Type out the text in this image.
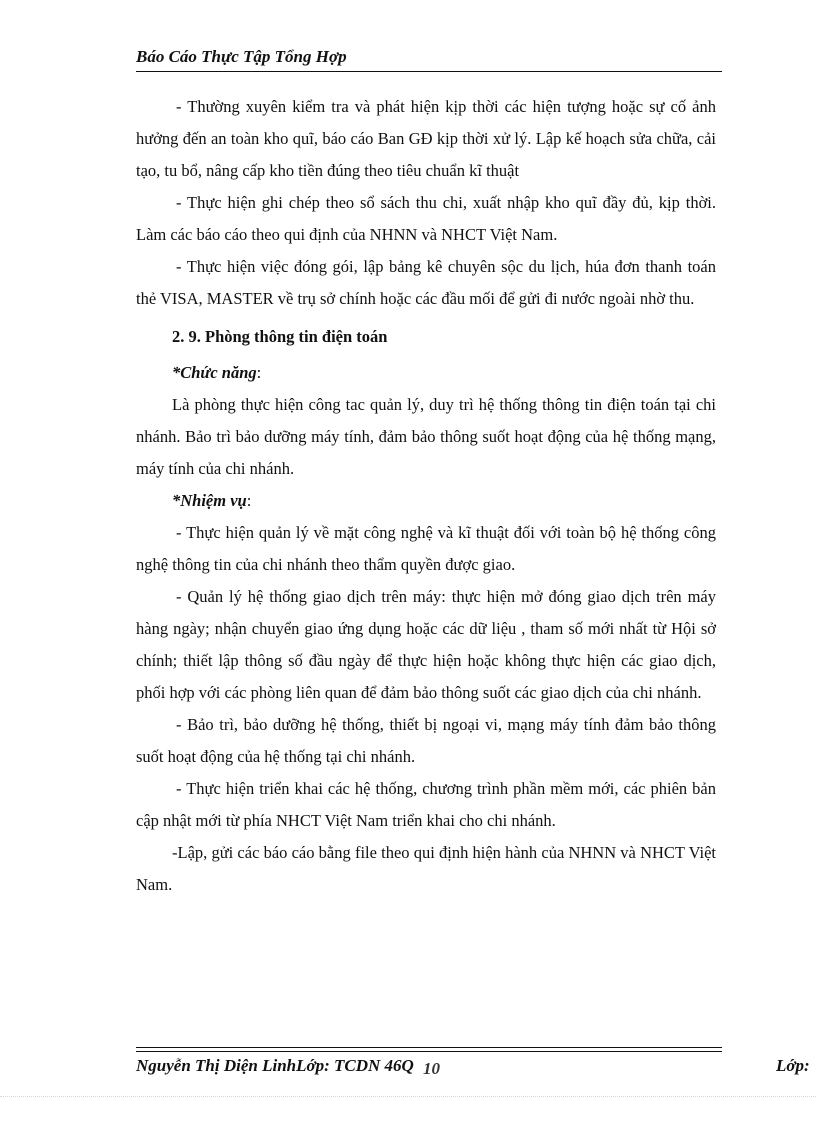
Báo Cáo Thực Tập Tổng Hợp

- Thường xuyên kiểm tra và phát hiện kịp thời các hiện tượng hoặc sự cố ảnh hưởng đến an toàn kho quĩ, báo cáo Ban GĐ kịp thời xử lý. Lập kế hoạch sửa chữa, cải tạo, tu bổ, nâng cấp kho tiền đúng theo tiêu chuẩn kĩ thuật

- Thực hiện ghi chép theo sổ sách thu chi, xuất nhập kho quĩ đầy đủ, kịp thời. Làm các báo cáo theo qui định của NHNN và NHCT Việt Nam.

- Thực hiện việc đóng gói, lập bảng kê chuyên sộc du lịch, húa đơn thanh toán thẻ VISA, MASTER về trụ sở chính hoặc các đầu mối để gửi đi nước ngoài nhờ thu.

2. 9. Phòng thông tin điện toán

*Chức năng:

Là phòng thực hiện công tac quản lý, duy trì hệ thống thông tin điện toán tại chi nhánh. Bảo trì bảo dưỡng máy tính, đảm bảo thông suốt hoạt động của hệ thống mạng, máy tính của chi nhánh.

*Nhiệm vụ:

- Thực hiện quản lý về mặt công nghệ và kĩ thuật đối với toàn bộ hệ thống công nghệ thông tin của chi nhánh theo thẩm quyền được giao.

- Quản lý hệ thống giao dịch trên máy: thực hiện mở đóng giao dịch trên máy hàng ngày; nhận chuyển giao ứng dụng hoặc các dữ liệu , tham số mới nhất từ Hội sở chính; thiết lập thông số đầu ngày để thực hiện hoặc không thực hiện các giao dịch, phối hợp với các phòng liên quan để đảm bảo thông suốt các giao dịch của chi nhánh.

- Bảo trì, bảo dưỡng hệ thống, thiết bị ngoại vi, mạng máy tính đảm bảo thông suốt hoạt động của hệ thống tại chi nhánh.

- Thực hiện triển khai các hệ thống, chương trình phần mềm mới, các phiên bản cập nhật mới từ phía NHCT Việt Nam triển khai cho chi nhánh.

-Lập, gửi các báo cáo bằng file theo qui định hiện hành của NHNN và NHCT Việt Nam.

Nguyễn Thị Diện LinhLớp: TCDN 46Q 10	Lớp:
